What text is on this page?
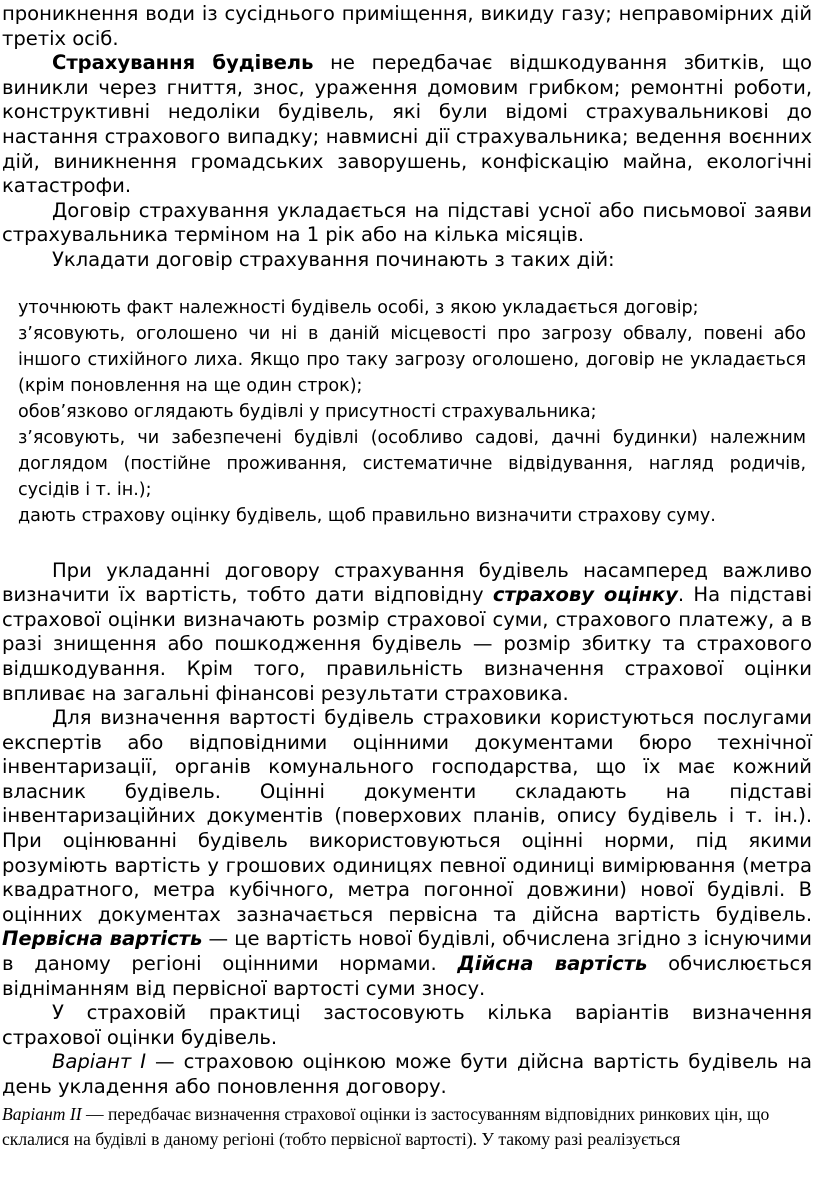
проникнення води із сусіднього приміщення, викиду газу; неправомірних дій третіх осіб.

Страхування будівель не передбачає відшкодування збитків, що виникли через гниття, знос, ураження домовим грибком; ремонтні роботи, конструктивні недоліки будівель, які були відомі страхувальникові до настання страхового випадку; навмисні дії страхувальника; ведення воєнних дій, виникнення громадських заворушень, конфіскацію майна, екологічні катастрофи.

Договір страхування укладається на підставі усної або письмової заяви страхувальника терміном на 1 рік або на кілька місяців.

Укладати договір страхування починають з таких дій:

уточнюють факт належності будівель особі, з якою укладається договір;

з’ясовують, оголошено чи ні в даній місцевості про загрозу обвалу, повені або іншого стихійного лиха. Якщо про таку загрозу оголошено, договір не укладається (крім поновлення на ще один строк);

обов’язково оглядають будівлі у присутності страхувальника;

з’ясовують, чи забезпечені будівлі (особливо садові, дачні будинки) належним доглядом (постійне проживання, систематичне відвідування, нагляд родичів, сусідів і т. ін.);

дають страхову оцінку будівель, щоб правильно визначити страхову суму.

При укладанні договору страхування будівель насамперед важливо визначити їх вартість, тобто дати відповідну страхову оцінку. На підставі страхової оцінки визначають розмір страхової суми, страхового платежу, а в разі знищення або пошкодження будівель — розмір збитку та страхового відшкодування. Крім того, правильність визначення страхової оцінки впливає на загальні фінансові результати страховика.

Для визначення вартості будівель страховики користуються послугами експертів або відповідними оцінними документами бюро технічної інвентаризації, органів комунального господарства, що їх має кожний власник будівель. Оцінні документи складають на підставі інвентаризаційних документів (поверхових планів, опису будівель і т. ін.). При оцінюванні будівель використовуються оцінні норми, під якими розуміють вартість у грошових одиницях певної одиниці вимірювання (метра квадратного, метра кубічного, метра погонної довжини) нової будівлі. В оцінних документах зазначається первісна та дійсна вартість будівель. Первісна вартість — це вартість нової будівлі, обчислена згідно з існуючими в даному регіоні оцінними нормами. Дійсна вартість обчислюється відніманням від первісної вартості суми зносу.

У страховій практиці застосовують кілька варіантів визначення страхової оцінки будівель.

Варіант I — страховою оцінкою може бути дійсна вартість будівель на день укладення або поновлення договору.

Варіант II — передбачає визначення страхової оцінки із застосуванням відповідних ринкових цін, що склалися на будівлі в даному регіоні (тобто первісної вартості). У такому разі реалізується
